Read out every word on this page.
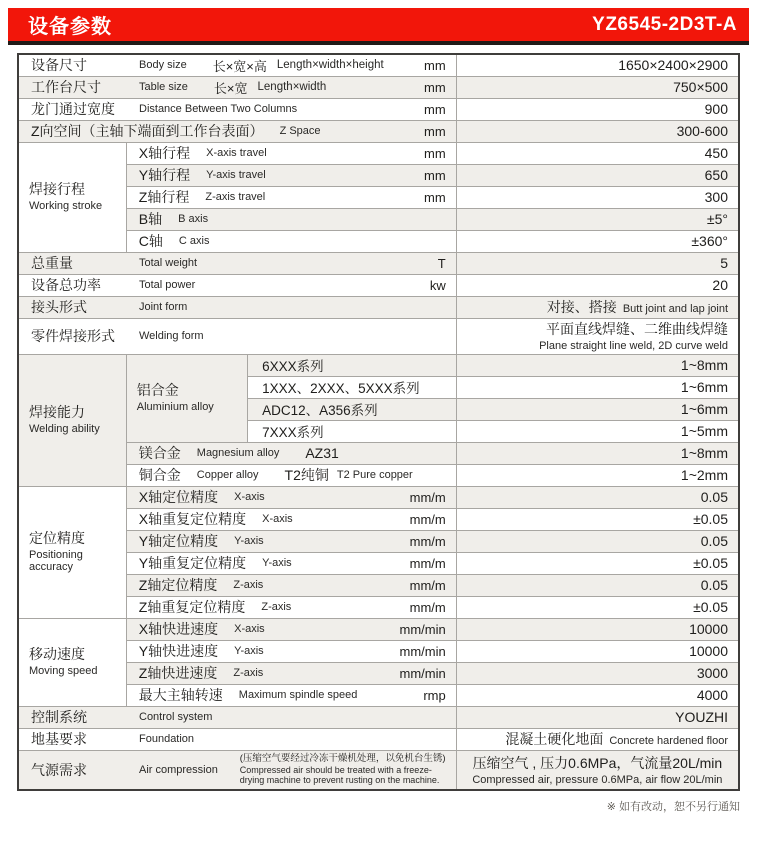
设备参数	YZ6545-2D3T-A
设备尺寸 Body size 长×宽×高 Length×width×height mm			1650×2400×2900

工作台尺寸 Table size 长×宽 Length×width mm			750×500

龙门通过宽度 Distance Between Two Columns mm			900

Z向空间（主轴下端面到工作台表面） Z Space mm			300-600

焊接行程
Working stroke

X轴行程 X-axis travel	mm	450

	Y轴行程 Y-axis travel mm		650

	Z轴行程 Z-axis travel mm		300

	B轴 B axis		±5°

	C轴 C axis		±360°

总重量 Total weight T			5

设备总功率 Total power kw			20

接头形式 Joint form			对接、搭接 Butt joint and lap joint

零件焊接形式 Welding form			平面直线焊缝、二维曲线焊缝
Plane straight line weld, 2D curve weld

焊接能力
Welding ability

铝合金
Aluminium alloy
	6XXX系列	1~8mm
		1XXX、2XXX、5XXX系列	1~6mm
		ADC12、A356系列	1~6mm
		7XXX系列	1~5mm

	镁合金 Magnesium alloy AZ31		1~8mm

	铜合金 Copper alloy T2纯铜 T2 Pure copper		1~2mm

定位精度
Positioning accuracy

X轴定位精度 X-axis	mm/m	0.05

	X轴重复定位精度 X-axis mm/m		±0.05

	Y轴定位精度 Y-axis mm/m		0.05

	Y轴重复定位精度 Y-axis mm/m		±0.05

	Z轴定位精度 Z-axis mm/m		0.05

	Z轴重复定位精度 Z-axis mm/m		±0.05

移动速度
Moving speed

X轴快进速度 X-axis	mm/min	10000

	Y轴快进速度 Y-axis mm/min		10000

	Z轴快进速度 Z-axis mm/min		3000

	最大主轴转速 Maximum spindle speed rmp		4000

控制系统 Control system			YOUZHI

地基要求 Foundation			混凝土硬化地面 Concrete hardened floor

气源需求 Air compression
(压缩空气要经过冷冻干燥机处理，以免机台生锈)
Compressed air should be treated with a freeze-drying machine to prevent rusting on the machine.			压缩空气 , 压力0.6MPa，气流量20L/min
Compressed air, pressure 0.6MPa, air flow 20L/min
※ 如有改动，恕不另行通知
